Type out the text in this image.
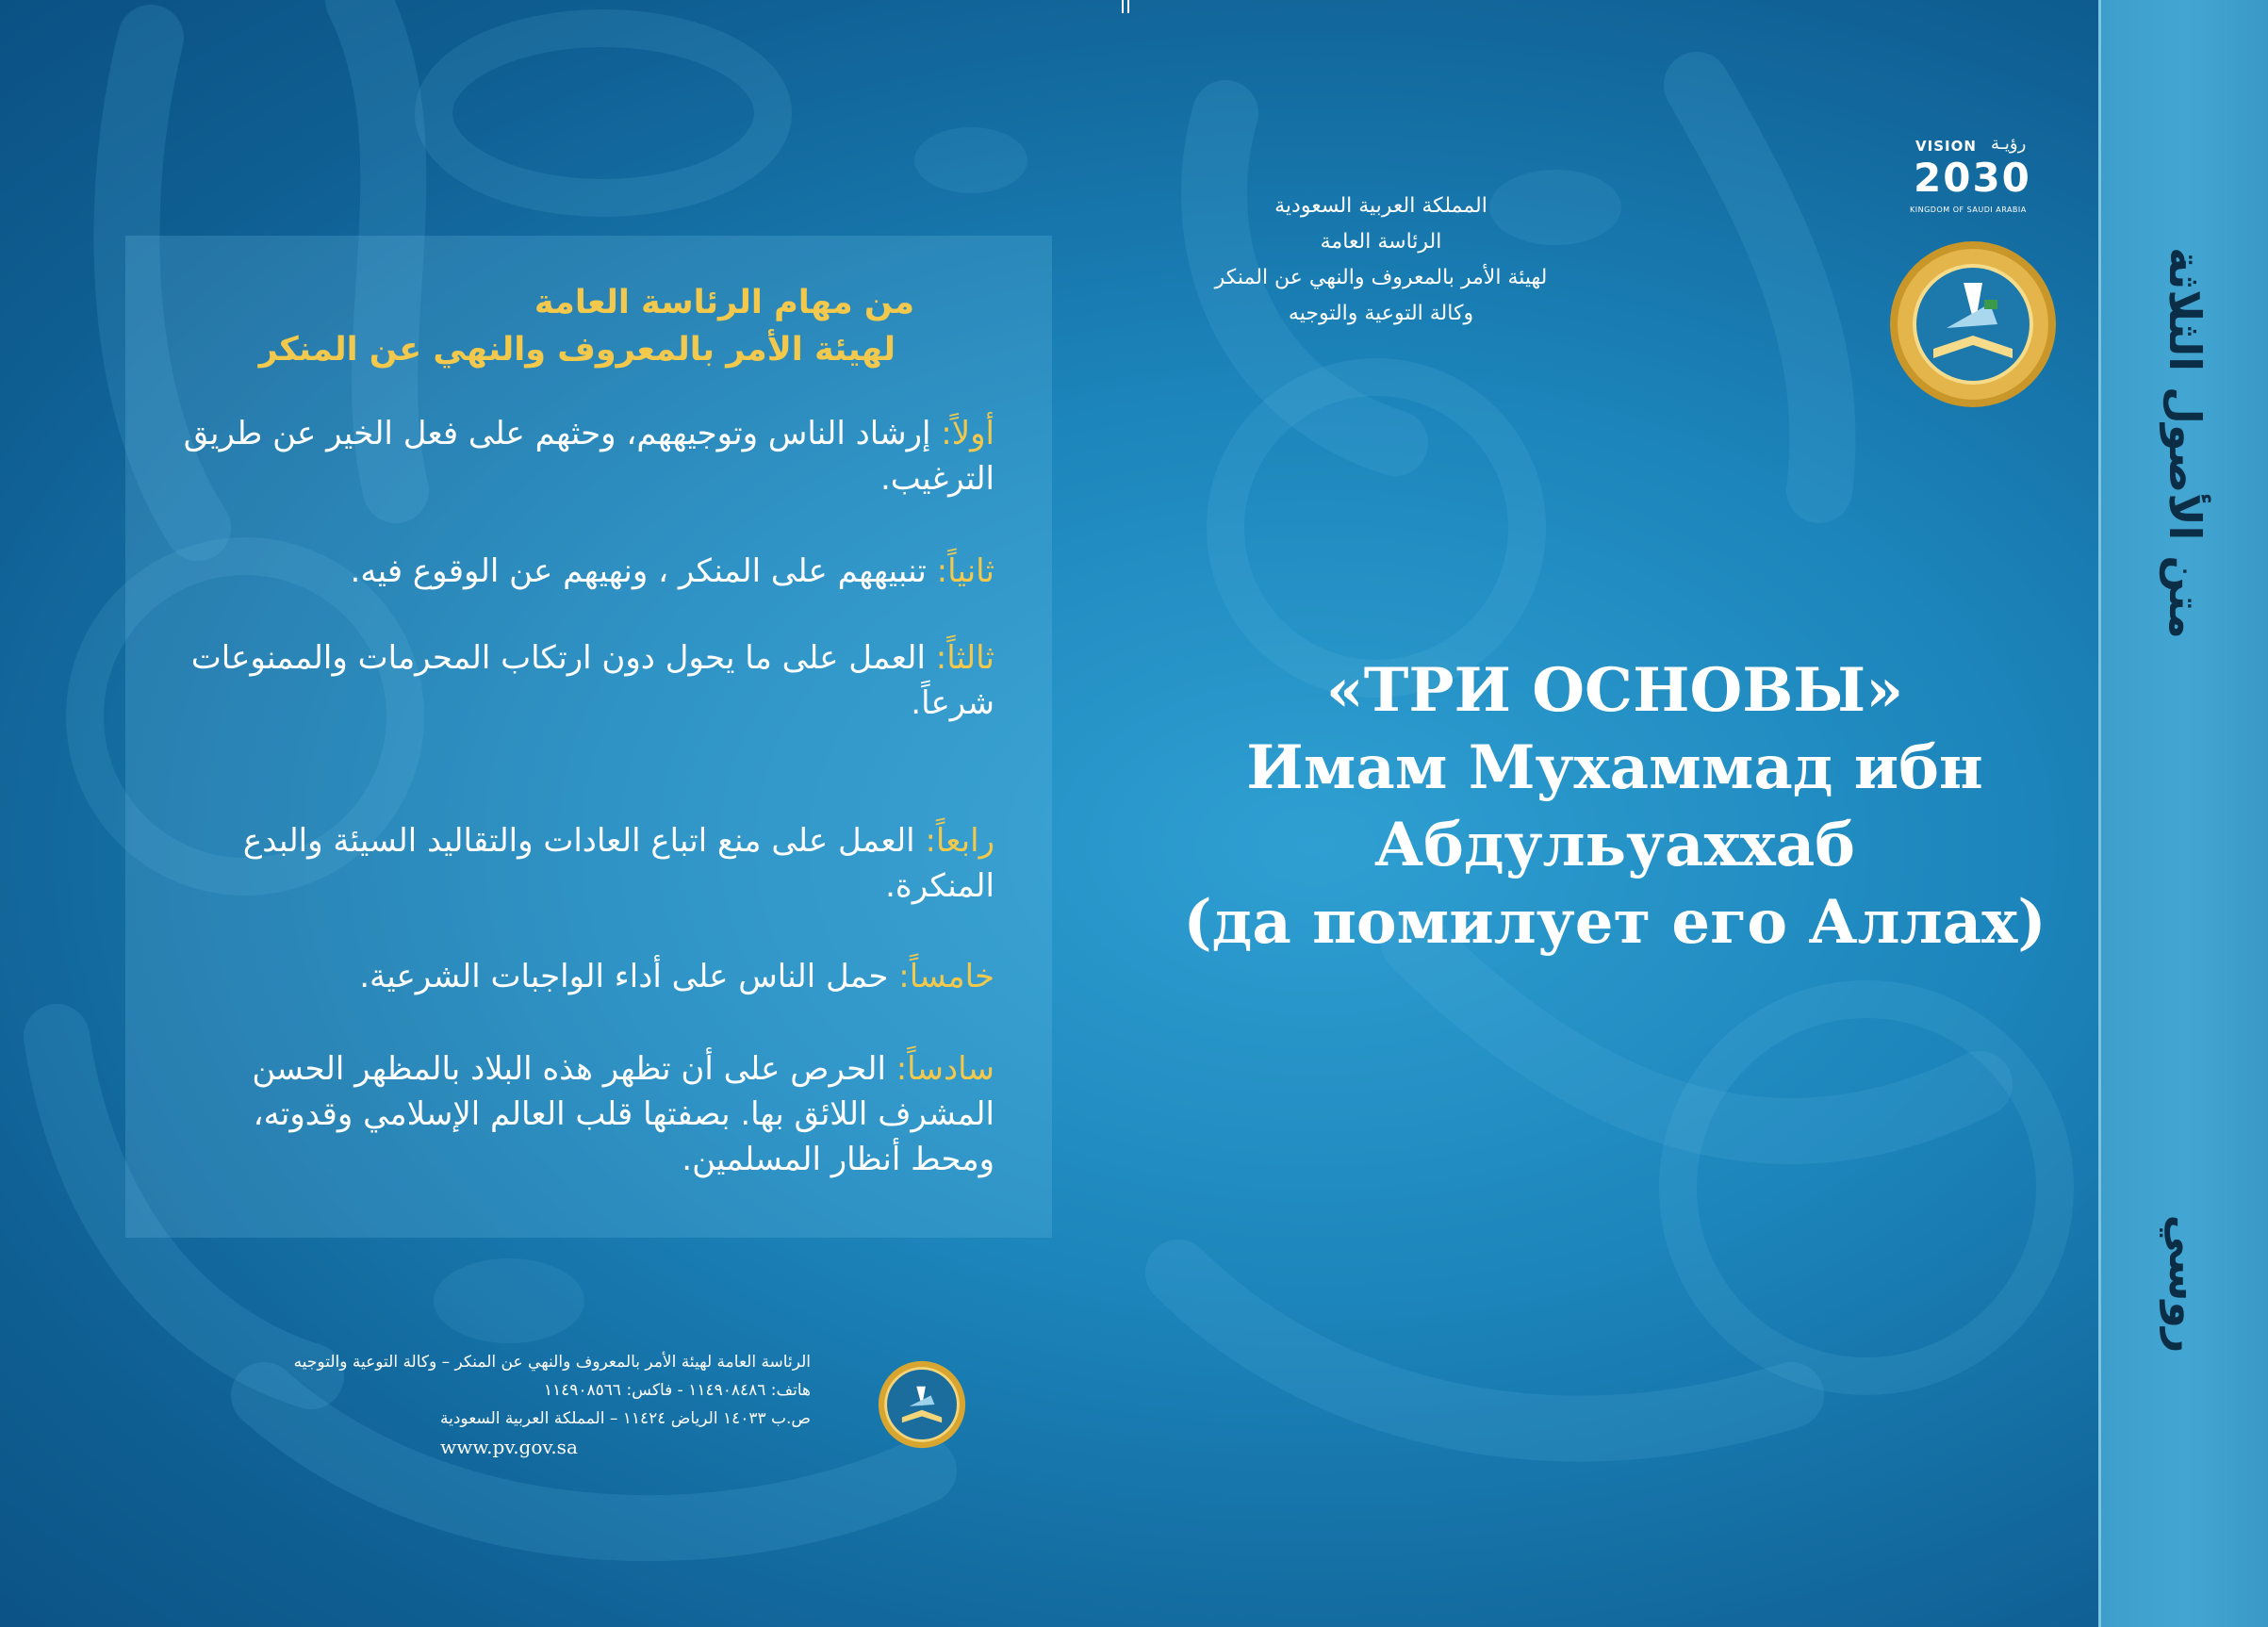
من مهام الرئاسة العامة
لهيئة الأمر بالمعروف والنهي عن المنكر
أولاً: إرشاد الناس وتوجيههم، وحثهم على فعل الخير عن طريق الترغيب.
ثانياً: تنبيههم على المنكر ، ونهيهم عن الوقوع فيه.
ثالثاً: العمل على ما يحول دون ارتكاب المحرمات والممنوعات شرعاً.
رابعاً: العمل على منع اتباع العادات والتقاليد السيئة والبدع المنكرة.
خامساً: حمل الناس على أداء الواجبات الشرعية.
سادساً: الحرص على أن تظهر هذه البلاد بالمظهر الحسن المشرف اللائق بها. بصفتها قلب العالم الإسلامي وقدوته، ومحط أنظار المسلمين.
الرئاسة العامة لهيئة الأمر بالمعروف والنهي عن المنكر – وكالة التوعية والتوجيه
هاتف: ١١٤٩٠٨٤٨٦ - فاكس: ١١٤٩٠٨٥٦٦
ص.ب ١٤٠٣٣ الرياض ١١٤٢٤ – المملكة العربية السعودية
www.pv.gov.sa
المملكة العربية السعودية
الرئاسة العامة
لهيئة الأمر بالمعروف والنهي عن المنكر
وكالة التوعية والتوجيه
VISION رؤيـة
2030
KINGDOM OF SAUDI ARABIA
«ТРИ ОСНОВЫ»
Имам Мухаммад ибн
Абдульуаххаб
(да помилует его Аллах)
متن الأصول الثلاثة
روسي
